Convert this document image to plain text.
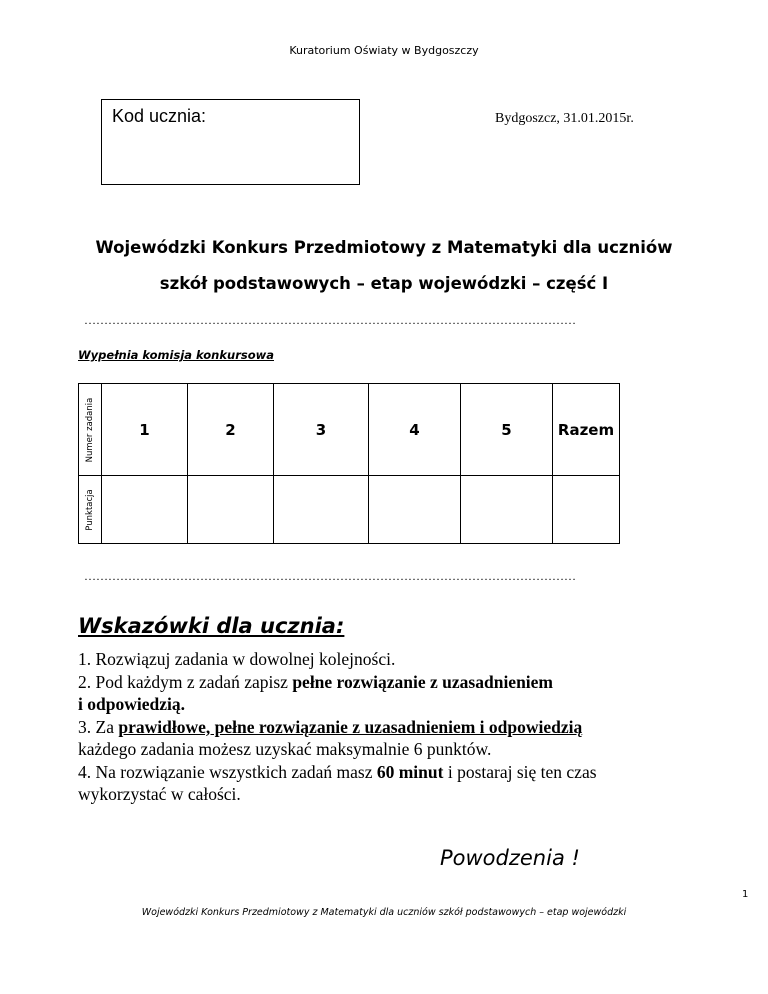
Kuratorium Oświaty w Bydgoszczy
Kod ucznia:	Bydgoszcz, 31.01.2015r.
Wojewódzki Konkurs Przedmiotowy z Matematyki dla uczniów
szkół podstawowych – etap wojewódzki – część I
……………………………………………………………………………………………………………
Wypełnia komisja konkursowa
Numer zadania	1	2	3	4	5	Razem

Punktacja						

……………………………………………………………………………………………………………
Wskazówki dla ucznia:

1. Rozwiązuj zadania w dowolnej kolejności.

2. Pod każdym z zadań zapisz pełne rozwiązanie z uzasadnieniem

i odpowiedzią.

3. Za prawidłowe, pełne rozwiązanie z uzasadnieniem i odpowiedzią

każdego zadania możesz uzyskać maksymalnie 6 punktów.

4. Na rozwiązanie wszystkich zadań masz 60 minut i postaraj się ten czas

wykorzystać w całości.

Powodzenia !
1
Wojewódzki Konkurs Przedmiotowy z Matematyki dla uczniów szkół podstawowych – etap wojewódzki
